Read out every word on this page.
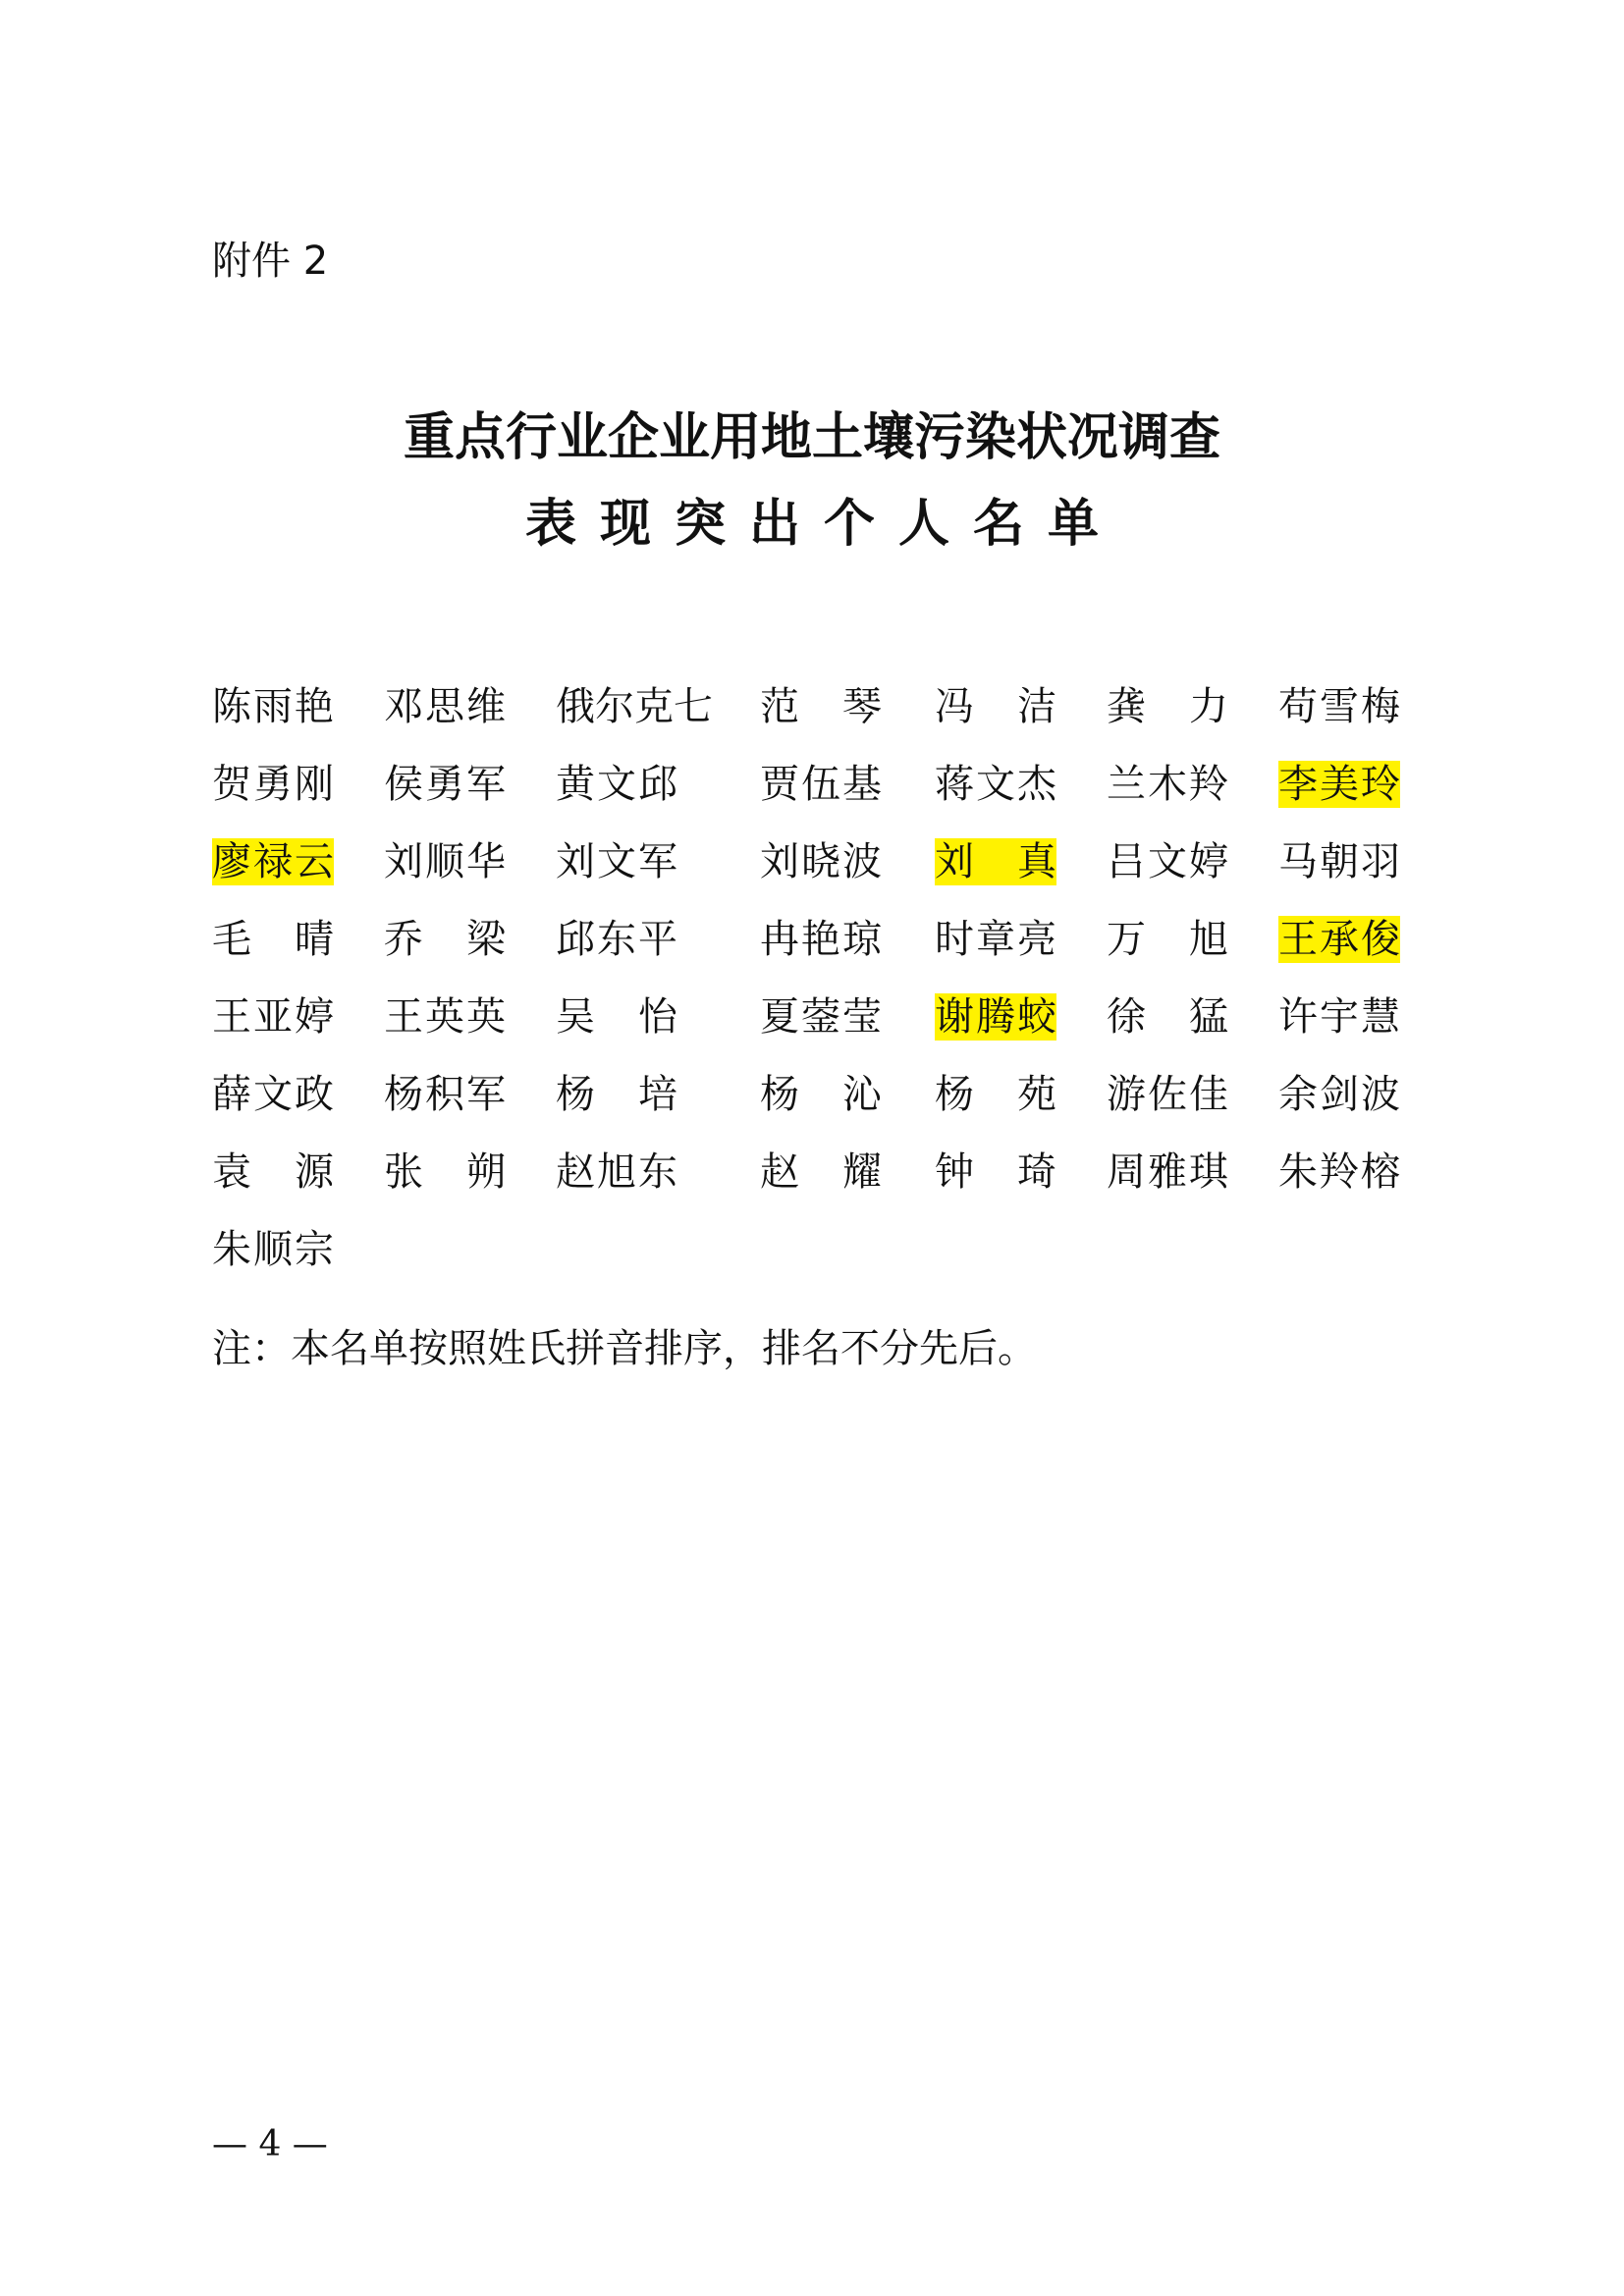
附件 2

重点行业企业用地土壤污染状况调查
表现突出个人名单
陈雨艳 邓思维 俄尔克七 范琴 冯洁 龚力 苟雪梅
贺勇刚 侯勇军 黄文邱 贾伍基 蒋文杰 兰木羚 李美玲
廖禄云 刘顺华 刘文军 刘晓波 刘真 吕文婷 马朝羽
毛晴 乔梁 邱东平 冉艳琼 时章亮 万旭 王承俊
王亚婷 王英英 吴怡 夏蓥莹 谢腾蛟 徐猛 许宇慧
薛文政 杨积军 杨培 杨沁 杨苑 游佐佳 余剑波
袁源 张朔 赵旭东 赵耀 钟琦 周雅琪 朱羚榕
朱顺宗

注：本名单按照姓氏拼音排序，排名不分先后。

— 4 —
